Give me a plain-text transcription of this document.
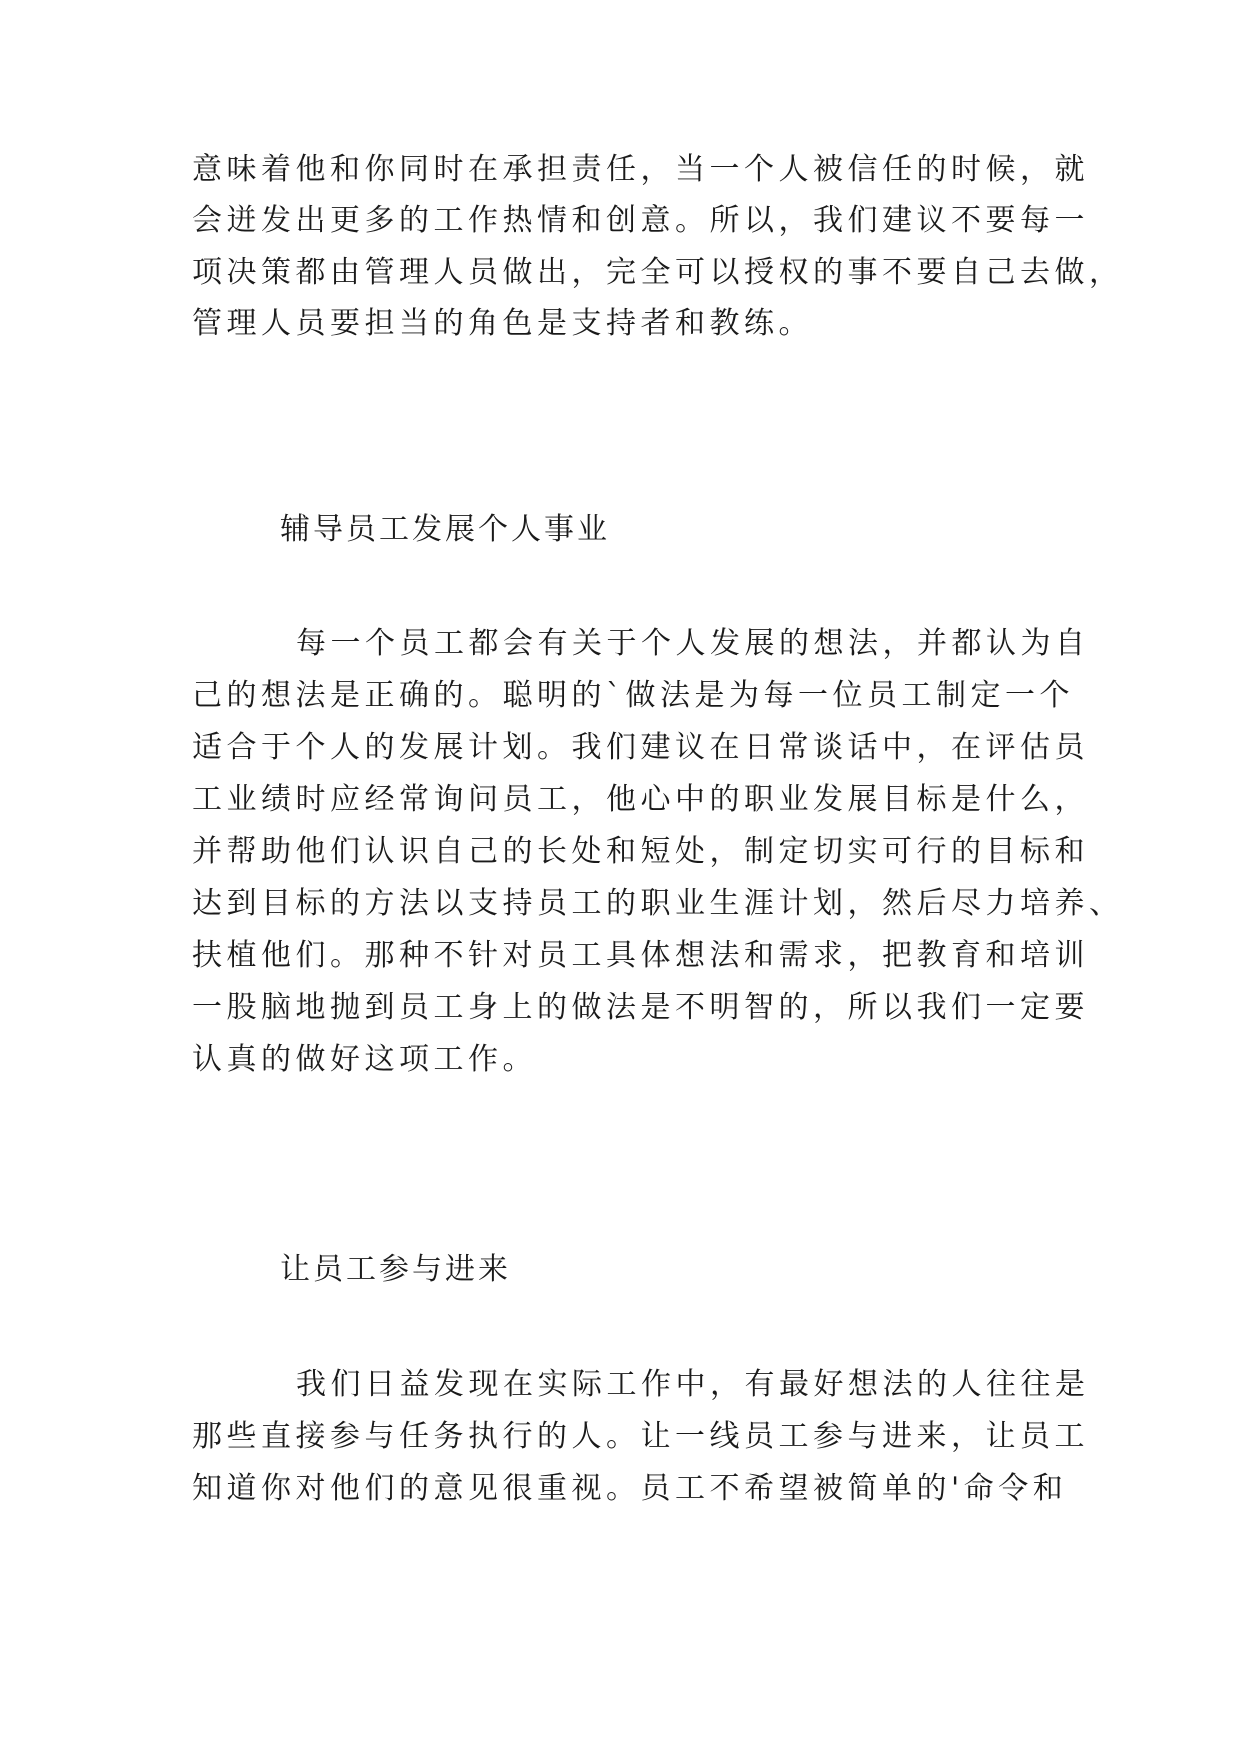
意味着他和你同时在承担责任，当一个人被信任的时候，就
会迸发出更多的工作热情和创意。所以，我们建议不要每一
项决策都由管理人员做出，完全可以授权的事不要自己去做，
管理人员要担当的角色是支持者和教练。
辅导员工发展个人事业
每一个员工都会有关于个人发展的想法，并都认为自
己的想法是正确的。聪明的`做法是为每一位员工制定一个
适合于个人的发展计划。我们建议在日常谈话中，在评估员
工业绩时应经常询问员工，他心中的职业发展目标是什么，
并帮助他们认识自己的长处和短处，制定切实可行的目标和
达到目标的方法以支持员工的职业生涯计划，然后尽力培养、
扶植他们。那种不针对员工具体想法和需求，把教育和培训
一股脑地抛到员工身上的做法是不明智的，所以我们一定要
认真的做好这项工作。
让员工参与进来
我们日益发现在实际工作中，有最好想法的人往往是
那些直接参与任务执行的人。让一线员工参与进来，让员工
知道你对他们的意见很重视。员工不希望被简单的'命令和
